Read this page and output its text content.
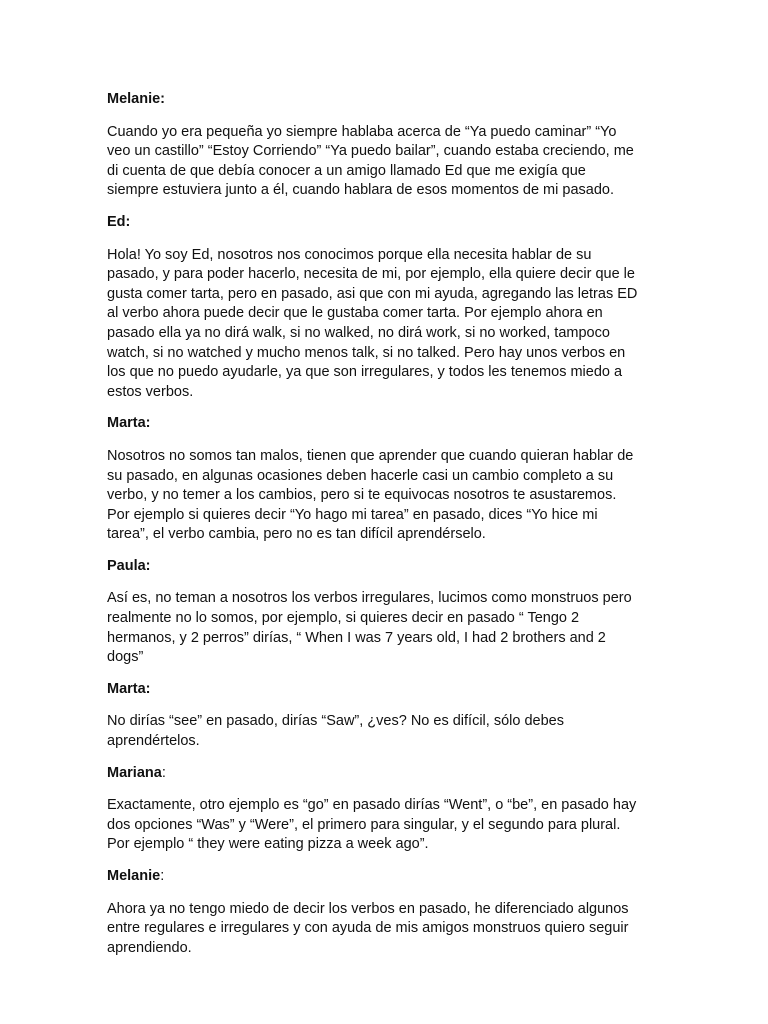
Melanie:
Cuando yo era pequeña yo siempre hablaba acerca de “Ya puedo caminar” “Yo
veo un castillo” “Estoy Corriendo” “Ya puedo bailar”, cuando estaba creciendo, me
di cuenta de que debía conocer a un amigo llamado Ed que me exigía que
siempre estuviera junto a él, cuando hablara de esos momentos de mi pasado.
Ed:
Hola! Yo soy Ed, nosotros nos conocimos porque ella necesita hablar de su
pasado, y para poder hacerlo, necesita de mi, por ejemplo, ella quiere decir que le
gusta comer tarta, pero en pasado, asi que con mi ayuda, agregando las letras ED
al verbo ahora puede decir que le gustaba comer tarta. Por ejemplo ahora en
pasado ella ya no dirá walk, si no walked, no dirá work, si no worked, tampoco
watch, si no watched y mucho menos talk, si no talked. Pero hay unos verbos en
los que no puedo ayudarle, ya que son irregulares, y todos les tenemos miedo a
estos verbos.
Marta:
Nosotros no somos tan malos, tienen que aprender que cuando quieran hablar de
su pasado, en algunas ocasiones deben hacerle casi un cambio completo a su
verbo, y no temer a los cambios, pero si te equivocas nosotros te asustaremos.
Por ejemplo si quieres decir “Yo hago mi tarea” en pasado, dices “Yo hice mi
tarea”, el verbo cambia, pero no es tan difícil aprendérselo.
Paula:
Así es, no teman a nosotros los verbos irregulares, lucimos como monstruos pero
realmente no lo somos, por ejemplo, si quieres decir en pasado “ Tengo 2
hermanos, y 2 perros” dirías, “ When I was 7 years old, I had 2 brothers and 2
dogs”
Marta:
No dirías “see” en pasado, dirías “Saw”, ¿ves? No es difícil, sólo debes
aprendértelos.
Mariana:
Exactamente, otro ejemplo es “go” en pasado dirías “Went”, o “be”, en pasado hay
dos opciones “Was” y “Were”, el primero para singular, y el segundo para plural.
Por ejemplo “ they were eating pizza a week ago”.
Melanie:
Ahora ya no tengo miedo de decir los verbos en pasado, he diferenciado algunos
entre regulares e irregulares y con ayuda de mis amigos monstruos quiero seguir
aprendiendo.
